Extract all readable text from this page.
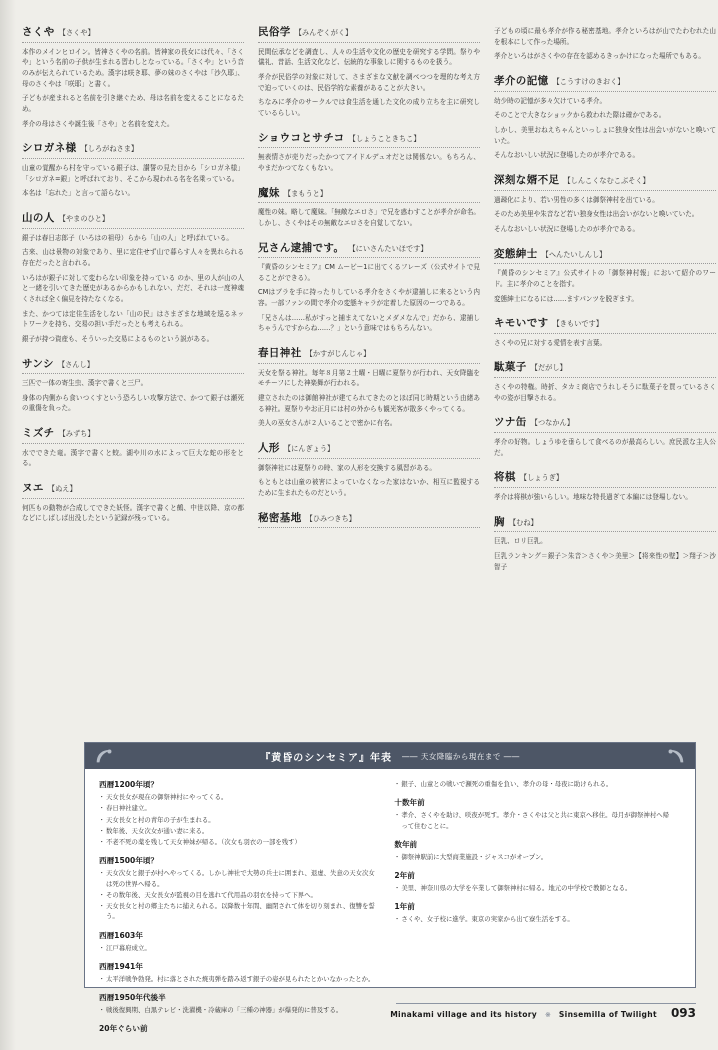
さくや 【さくや】

本作のメインヒロイン。皆神さくやの名前。皆神家の長女には代々、「さくや」という名前の子供が生まれる習わしとなっている。「さくや」という音のみが伝えられているため。漢字は咲き耶、夢の妹のさくやは「沙久耶」、母のさくやは「咲耶」と書く。

子どもが産まれると名前を引き継ぐため、母は名前を変えることになるため。

孝介の母はさくや誕生後「さや」と名前を変えた。

シロガネ様 【しろがねさま】

山童の覚醒から村を守っている銀子は、讃誓の見た目から「シロガネ様」「シロガネ=銀」と呼ばれており、そこから現われる名を名乗っている。

本名は「忘れた」と言って語らない。

山の人 【やまのひと】

銀子は春日志郎子（いろはの祖母）らから「山の人」と呼ばれている。

古来、山は景物の対象であり、里に定住せず山で暮らす人々を異れられる存在だったと言われる。

いろはが銀子に対して変わらない印象を持っている のか、里の人が山の人と一緒を引いてきた歴史があるからかもしれない、だだ、それは一度神魂くされば全く偏見を持たなくなる。

また、かつては定住生活をしない「山の民」はさまざまな地域を巡るネットワークを持ち、交易の担い手だったとも考えられる。

銀子が持つ資産も、そういった交易によるものという説がある。

サンシ 【さんし】

三匹で一体の寄生虫、漢字で書くと三尸。

身体の内側から食いつくすという恐ろしい攻撃方法で、かつて銀子は瀬死の重傷を負った。

ミズチ 【みずち】
水でできた竜。漢字で書くと蛟。湖や川の水によって巨大な蛇の形をとる。
ヌエ 【ぬえ】
何匹もの動物が合成してできた妖怪。漢字で書くと鵺、中世以降、京の都などにしばしば出没したという記録が残っている。
民俗学 【みんぞくがく】

民間伝承などを調査し、人々の生活や文化の歴史を研究する学問。祭りや儀礼、昔話、生活文化など、伝統的な事象しに関するものを扱う。

孝介が民俗学の対象に対して、さまざまな文献を調べつつを理的な考え方で迫っていくのは、民俗学的な素養があることが大きい。

ちなみに孝介のサークルでは食生活を通した文化の成り立ちを主に研究しているらしい。

ショウコとサチコ 【しょうこときちこ】
無表情さが売りだったかつてアイドルデュオだとは関係ない。もちろん、やまだかつてなくもない。
魔妹 【まもうと】
魔性の妹。略して魔妹。「無敵なエロさ」で兄を惑わすことが孝介が命名。しかし、さくやはその無敵なエロさを自覚してない。
兄さん逮捕です。 【にいさんたいほです】

『黄昏のシンセミア』CM ムービー1に出てくるフレーズ（公式サイトで見ることができる）。

CMはブラを手に持ったりしている孝介をさくやが逮捕しに来るという内容。一部ファンの間で孝介の変態キャラが定着した原因のーつである。

「兄さんは……私がすっと捕まえてないとメダメなんで」だから、逮捕しちゃうんですからね……？」という意味ではもちろんない。

春日神社 【かすがじんじゃ】

天女を祭る神社。毎年８月第２土曜・日曜に夏祭りが行われ、天女降臨をモチーフにした神楽舞が行われる。

建立されたのは御館神社が建てられてきたのとほぼ同じ時期という由緒ある神社。夏祭りやお正月には村の外からも観光客が散多くやってくる。

美人の巫女さんが２人いることで密かに有名。

人形 【にんぎょう】

御祭神社には夏祭りの時、家の人形を交換する風習がある。

もともとは山童の被害によっていなくなった家はないか、相互に監視するために生まれたものだという。

秘密基地 【ひみつきち】

子どもの頃に最も孝介が作る秘密基地。孝介といろはが山でたわむれた山を根本にして作った場所。

孝介といろはがさくやの存在を認めるきっかけになった場所でもある。

孝介の記憶 【こうすけのきおく】

幼少時の記憶が多々欠けている孝介。

そのことで大きなショックから救われた際は確かである。

しかし、美里おねえちゃんといっしょに独身女性は出会いがないと喚いていた。

そんなおいしい状況に登場したのが孝介である。

深刻な婿不足 【しんこくなむこぶそく】

過疎化により、若い男性の多くは御祭神村を出ている。

そのため美里や朱音など若い独身女性は出会いがないと喚いていた。

そんなおいしい状況に登場したのが孝介である。

変態紳士 【へんたいしんし】

『黄昏のシンセミア』公式サイトの「御祭神村報」において紹介のワード。主に孝介のことを指す。

変態紳士になるには……ますパンツを脱ぎます。

キモいです 【きもいです】
さくやの兄に対する愛情を表す言葉。
駄菓子 【だがし】
さくやの特権。時折、タカミ商店でうれしそうに駄菓子を買っているさくやの姿が目撃される。
ツナ缶 【つなかん】
孝介の好物。しょうゆを垂らして食べるのが最高らしい。庶民派な主人公だ。
将棋 【しょうぎ】
孝介は将棋が強いらしい。地味な特長過ぎて本編には登場しない。
胸 【むね】

巨乳、ロリ巨乳。

巨乳ランキング＝銀子＞朱音＞さくや＞美里＞【将来性の壁】＞翔子＞沙智子

『黄昏のシンセミア』年表 ―― 天女降臨から現在まで ――
西暦1200年頃？
・ 天女長女が現在の御祭神村にやってくる。
・ 春日神社建立。
・ 天女長女と村の青年の子が生まれる。
・ 数年後、天女次女が通い妻に来る。
・ 不老不死の薬を残して天女神妹が帰る。（次女も羽衣の一部を残す）
西暦1500年頃？
・ 天女次女と銀子が村へやってくる。しかし神社で大勢の兵士に囲まれ、退虚、失意の天女次女は死の世界へ帰る。
・ その数年後、天女長女が監視の目を逃れて代用品の羽衣を持って下界へ。
・ 天女長女と村の郷主たちに捕えられる。以降数十年間、幽閉されて体を切り刻まれ、復讐を誓う。
西暦1603年
・ 江戸幕府成立。
西暦1941年
・ 太平洋戦争勃発。村に落とされた焼夷弾を踏み返す銀子の姿が見られたとかいなかったとか。
西暦1950年代後半
・ 戦後復興期、白黒テレビ・洗濯機・冷蔵庫の「三種の神器」が爆発的に普及する。
20年ぐらい前
・ 銀子、山童との戦いで瀕死の重傷を負い、孝介の母・母夜に助けられる。
十数年前
・ 孝介、さくやを助け、咲夜が死す。孝介・さくやは父と共に東京へ移住。母月が御祭神村へ帰って住むことに。
数年前
・ 御祭神駅前に大型商業施設・ジャスコがオープン。
2年前
・ 美里、神奈川県の大学を卒業して御祭神村に帰る。地元の中学校で教師となる。
1年前
・ さくや、女子校に進学。東京の実家から出て寮生活をする。
Minakami village and its history ※ Sinsemilla of Twilight 093
